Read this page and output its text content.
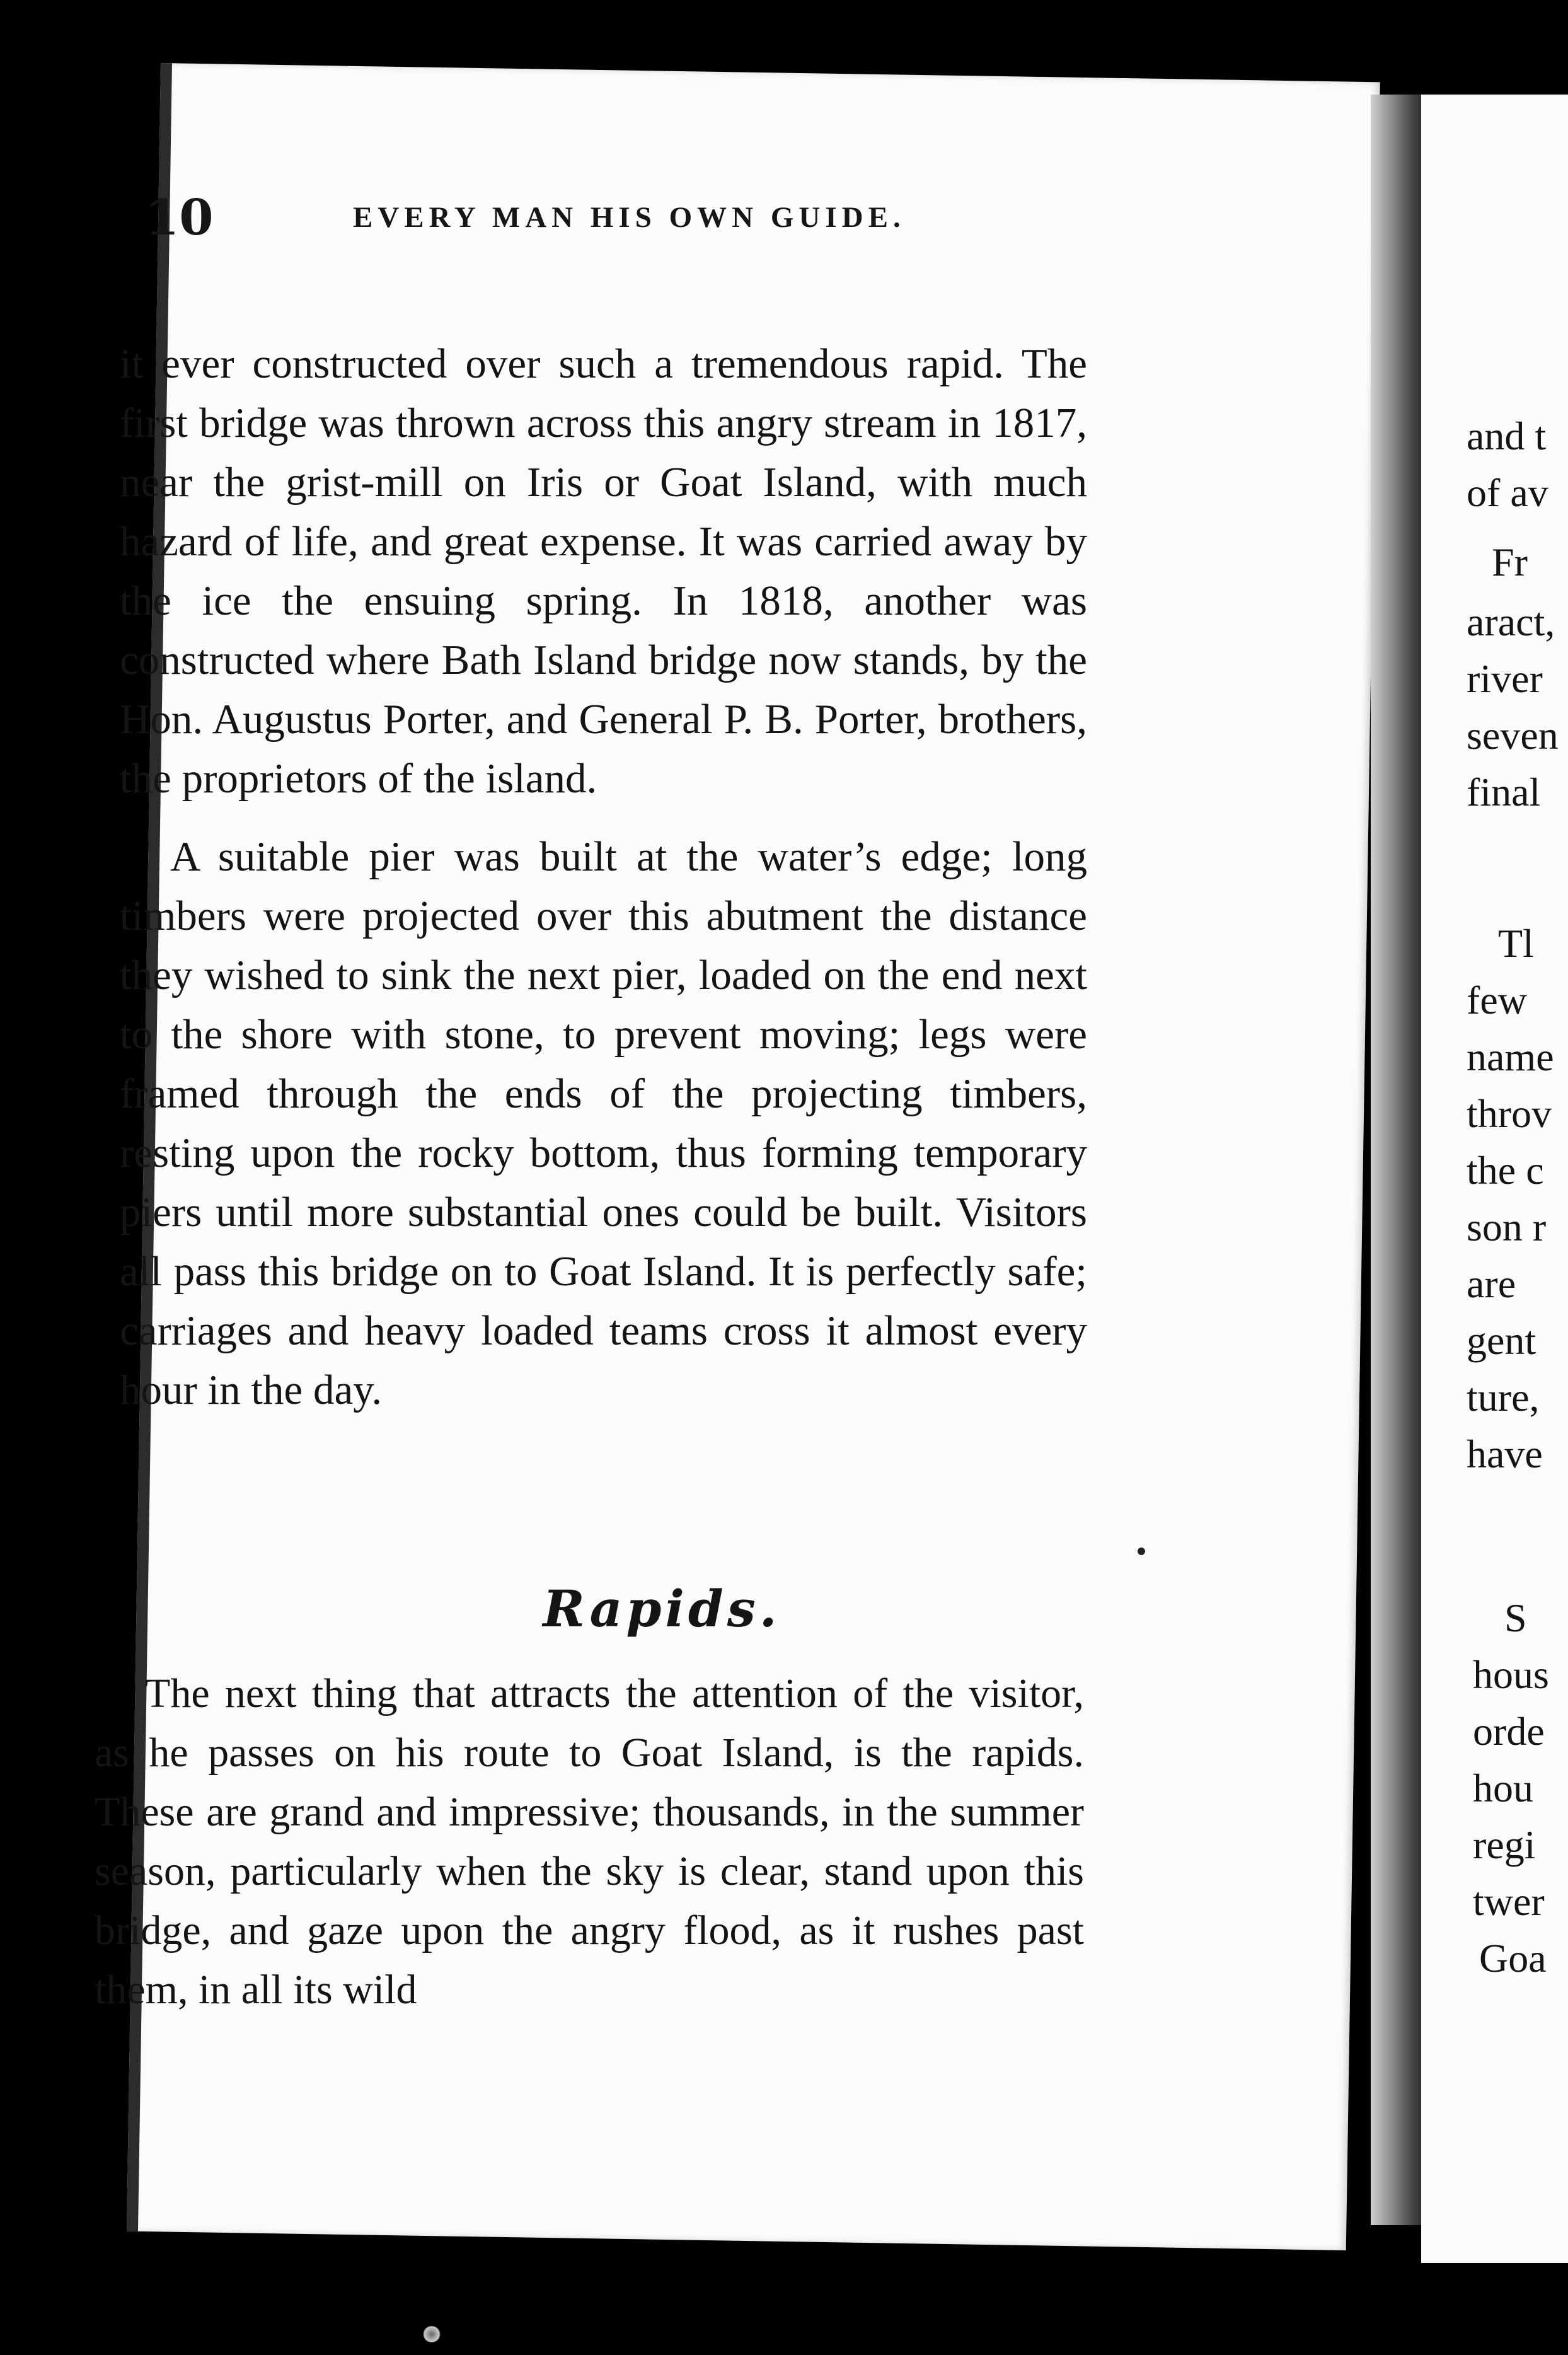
and t
of av
Fr
aract,
river
seven
final
Tl
few
name
throv
the c
son r
are
gent
ture,
have
S
hous
orde
hou
regi
twer
Goa
10	EVERY MAN HIS OWN GUIDE.

it ever constructed over such a tremendous rapid. The first bridge was thrown across this angry stream in 1817, near the grist-mill on Iris or Goat Island, with much hazard of life, and great expense. It was carried away by the ice the ensuing spring. In 1818, another was constructed where Bath Island bridge now stands, by the Hon. Augustus Porter, and General P. B. Porter, brothers, the proprietors of the island.

A suitable pier was built at the water’s edge; long timbers were projected over this abutment the distance they wished to sink the next pier, loaded on the end next to the shore with stone, to prevent moving; legs were framed through the ends of the projecting timbers, resting upon the rocky bottom, thus forming temporary piers until more substantial ones could be built. Visitors all pass this bridge on to Goat Island. It is perfectly safe; carriages and heavy loaded teams cross it almost every hour in the day.

Rapids.

The next thing that attracts the attention of the visitor, as he passes on his route to Goat Island, is the rapids. These are grand and impressive; thousands, in the summer season, particularly when the sky is clear, stand upon this bridge, and gaze upon the angry flood, as it rushes past them, in all its wild
